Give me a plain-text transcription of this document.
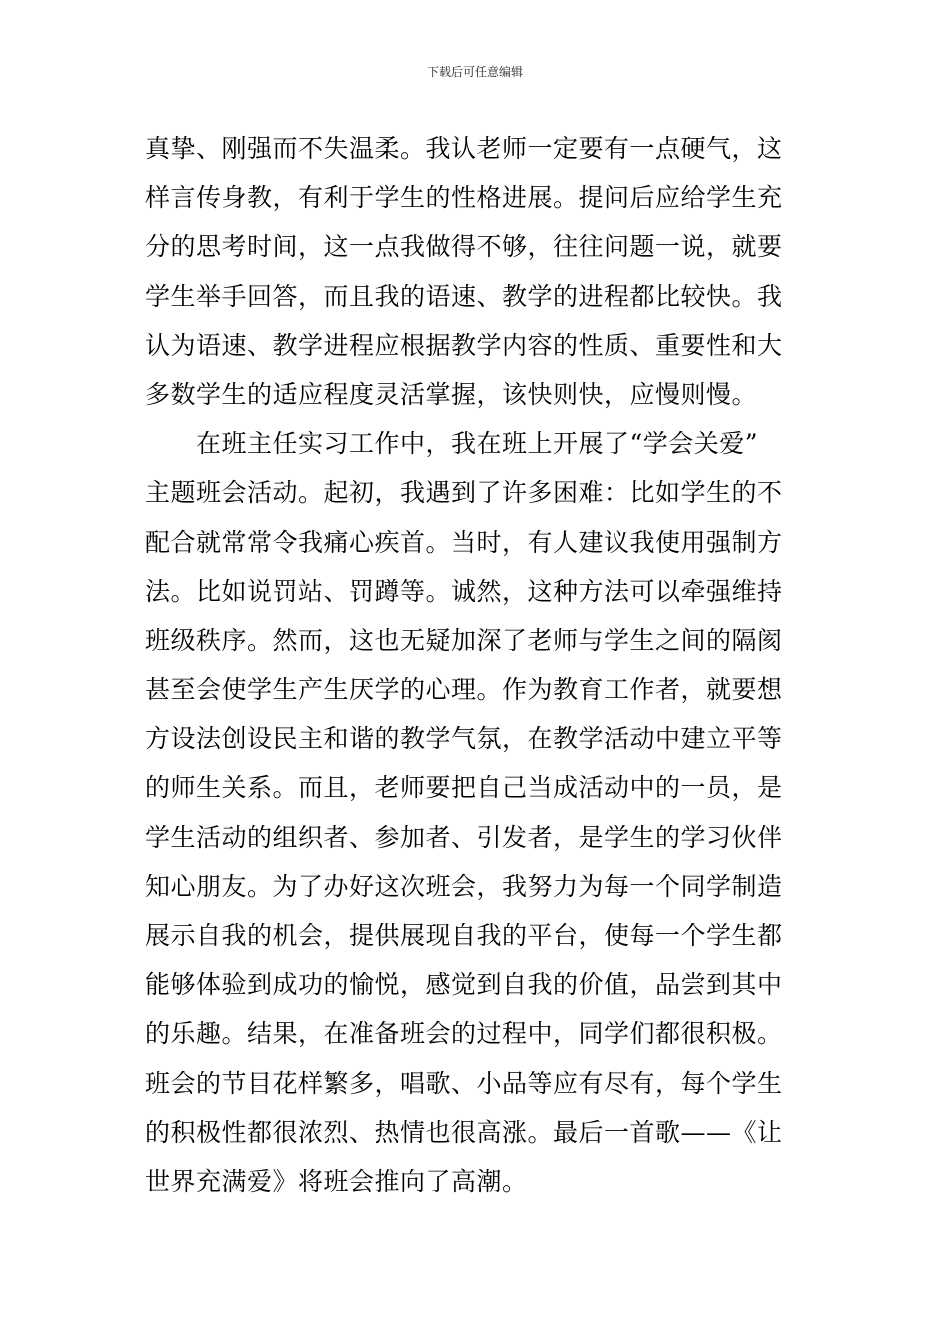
下载后可任意编辑
真挚、刚强而不失温柔。我认老师一定要有一点硬气，这
样言传身教，有利于学生的性格进展。提问后应给学生充
分的思考时间，这一点我做得不够，往往问题一说，就要
学生举手回答，而且我的语速、教学的进程都比较快。我
认为语速、教学进程应根据教学内容的性质、重要性和大
多数学生的适应程度灵活掌握，该快则快，应慢则慢。
　　在班主任实习工作中，我在班上开展了“学会关爱”
主题班会活动。起初，我遇到了许多困难：比如学生的不
配合就常常令我痛心疾首。当时，有人建议我使用强制方
法。比如说罚站、罚蹲等。诚然，这种方法可以牵强维持
班级秩序。然而，这也无疑加深了老师与学生之间的隔阂
甚至会使学生产生厌学的心理。作为教育工作者，就要想
方设法创设民主和谐的教学气氛，在教学活动中建立平等
的师生关系。而且，老师要把自己当成活动中的一员，是
学生活动的组织者、参加者、引发者，是学生的学习伙伴
知心朋友。为了办好这次班会，我努力为每一个同学制造
展示自我的机会，提供展现自我的平台，使每一个学生都
能够体验到成功的愉悦，感觉到自我的价值，品尝到其中
的乐趣。结果，在准备班会的过程中，同学们都很积极。
班会的节目花样繁多，唱歌、小品等应有尽有，每个学生
的积极性都很浓烈、热情也很高涨。最后一首歌——《让
世界充满爱》将班会推向了高潮。
